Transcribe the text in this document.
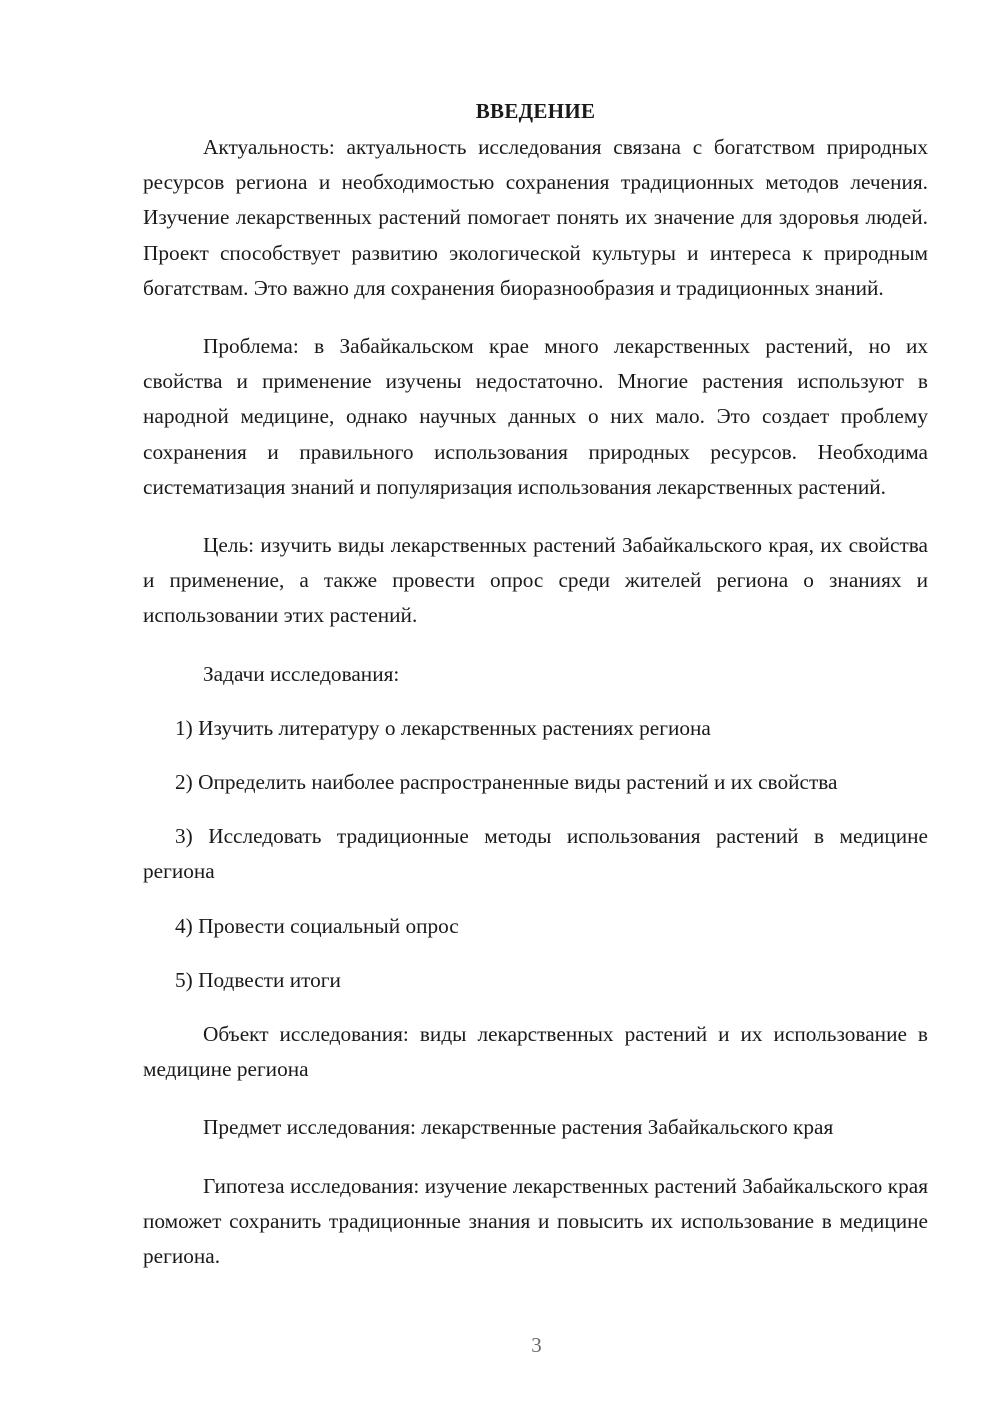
ВВЕДЕНИЕ

Актуальность: актуальность исследования связана с богатством природных ресурсов региона и необходимостью сохранения традиционных методов лечения. Изучение лекарственных растений помогает понять их значение для здоровья людей. Проект способствует развитию экологической культуры и интереса к природным богатствам. Это важно для сохранения биоразнообразия и традиционных знаний.

Проблема: в Забайкальском крае много лекарственных растений, но их свойства и применение изучены недостаточно. Многие растения используют в народной медицине, однако научных данных о них мало. Это создает проблему сохранения и правильного использования природных ресурсов. Необходима систематизация знаний и популяризация использования лекарственных растений.

Цель: изучить виды лекарственных растений Забайкальского края, их свойства и применение, а также провести опрос среди жителей региона о знаниях и использовании этих растений.

Задачи исследования:

1) Изучить литературу о лекарственных растениях региона

2) Определить наиболее распространенные виды растений и их свойства

3) Исследовать традиционные методы использования растений в медицине региона

4) Провести социальный опрос

5) Подвести итоги

Объект исследования: виды лекарственных растений и их использование в медицине региона

Предмет исследования: лекарственные растения Забайкальского края

Гипотеза исследования: изучение лекарственных растений Забайкальского края поможет сохранить традиционные знания и повысить их использование в медицине региона.

3
